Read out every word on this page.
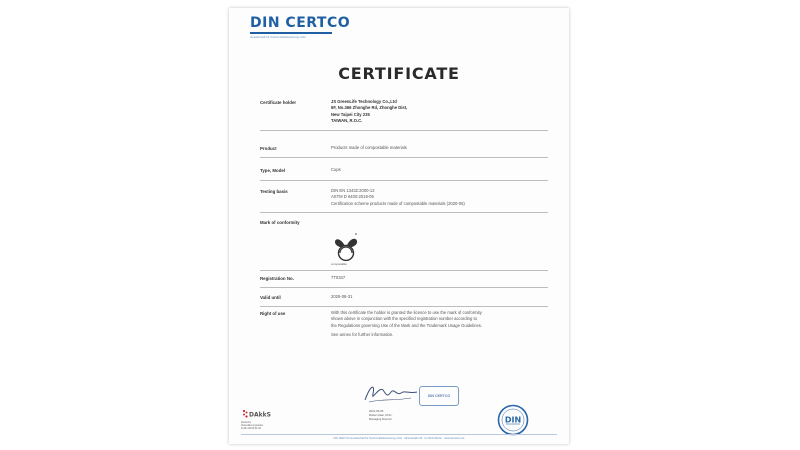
DIN CERTCO
Gesellschaft für Konformitätsbewertung mbH
CERTIFICATE
Certificate holder	JS GreenLife Technology Co.,Ltd
6F, No.366 Zhonghe Rd, Zhonghe Dist,
New Taipei City 235
TAIWAN, R.O.C.
Product	Products made of compostable materials
Type, Model	Cups
Testing basis	DIN EN 13432:2000-12
ASTM D 6400:2019-05
Certification scheme products made of compostable materials (2020-05)
Mark of conformity
R
compostable
Registration No.	7T0347
Valid until	2026-08-31
Right of use	With this certificate the holder is granted the licence to use the mark of conformity
shown above in conjunction with the specified registration number according to
the Regulations governing Use of the Mark and the Trademark Usage Guidelines.
See annex for further information.
DIN CERTCO
2021-09-09
Robert Zaar, M.Sc.
Managing Director
DAkkS
Deutsche
Akkreditierungsstelle
D-ZE-12155-01-00
DIN
DIN CERTCO Gesellschaft für Konformitätsbewertung mbH · Alboinstraße 56 · D-12103 Berlin · www.dincertco.de
